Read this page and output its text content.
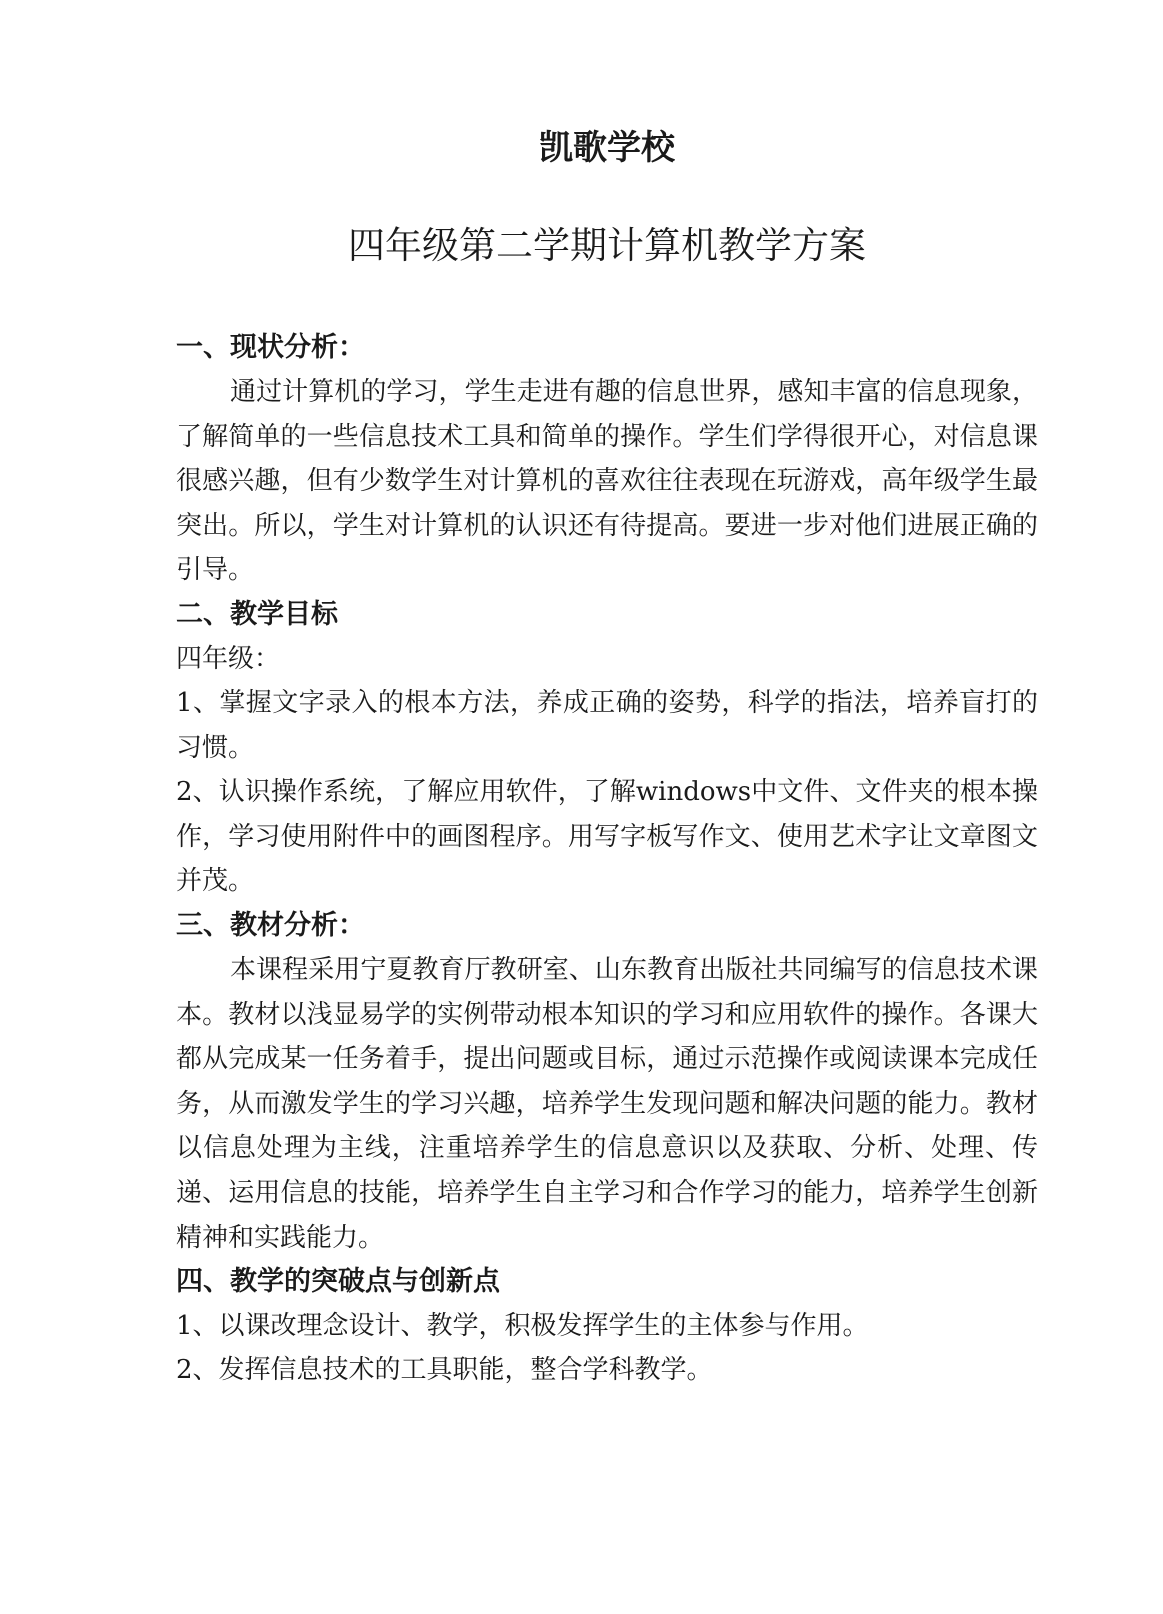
凯歌学校
四年级第二学期计算机教学方案
一、现状分析：

通过计算机的学习，学生走进有趣的信息世界，感知丰富的信息现象，了解简单的一些信息技术工具和简单的操作。学生们学得很开心，对信息课很感兴趣，但有少数学生对计算机的喜欢往往表现在玩游戏，高年级学生最突出。所以，学生对计算机的认识还有待提高。要进一步对他们进展正确的引导。

二、教学目标

四年级：

1、掌握文字录入的根本方法，养成正确的姿势，科学的指法，培养盲打的习惯。

2、认识操作系统，了解应用软件，了解windows中文件、文件夹的根本操作，学习使用附件中的画图程序。用写字板写作文、使用艺术字让文章图文并茂。

三、教材分析：

本课程采用宁夏教育厅教研室、山东教育出版社共同编写的信息技术课本。教材以浅显易学的实例带动根本知识的学习和应用软件的操作。各课大都从完成某一任务着手，提出问题或目标，通过示范操作或阅读课本完成任务，从而激发学生的学习兴趣，培养学生发现问题和解决问题的能力。教材以信息处理为主线，注重培养学生的信息意识以及获取、分析、处理、传递、运用信息的技能，培养学生自主学习和合作学习的能力，培养学生创新精神和实践能力。

四、教学的突破点与创新点

1、以课改理念设计、教学，积极发挥学生的主体参与作用。

2、发挥信息技术的工具职能，整合学科教学。
